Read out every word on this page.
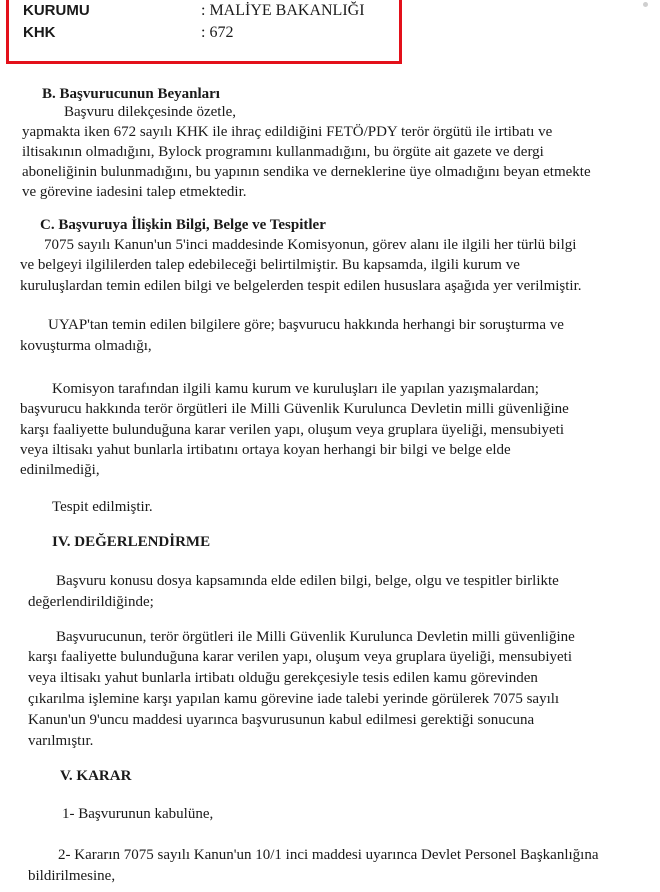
KURUMU	: MALİYE BAKANLIĞI
KHK	: 672
B. Başvurucunun Beyanları
Başvuru dilekçesinde özetle,
yapmakta iken 672 sayılı KHK ile ihraç edildiğini FETÖ/PDY terör örgütü ile irtibatı ve
iltisakının olmadığını, Bylock programını kullanmadığını, bu örgüte ait gazete ve dergi
aboneliğinin bulunmadığını, bu yapının sendika ve derneklerine üye olmadığını beyan etmekte
ve görevine iadesini talep etmektedir.
C. Başvuruya İlişkin Bilgi, Belge ve Tespitler
7075 sayılı Kanun'un 5'inci maddesinde Komisyonun, görev alanı ile ilgili her türlü bilgi
ve belgeyi ilgililerden talep edebileceği belirtilmiştir. Bu kapsamda, ilgili kurum ve
kuruluşlardan temin edilen bilgi ve belgelerden tespit edilen hususlara aşağıda yer verilmiştir.
UYAP'tan temin edilen bilgilere göre; başvurucu hakkında herhangi bir soruşturma ve
kovuşturma olmadığı,
Komisyon tarafından ilgili kamu kurum ve kuruluşları ile yapılan yazışmalardan;
başvurucu hakkında terör örgütleri ile Milli Güvenlik Kurulunca Devletin milli güvenliğine
karşı faaliyette bulunduğuna karar verilen yapı, oluşum veya gruplara üyeliği, mensubiyeti
veya iltisakı yahut bunlarla irtibatını ortaya koyan herhangi bir bilgi ve belge elde
edinilmediği,
Tespit edilmiştir.
IV. DEĞERLENDİRME
Başvuru konusu dosya kapsamında elde edilen bilgi, belge, olgu ve tespitler birlikte
değerlendirildiğinde;
Başvurucunun, terör örgütleri ile Milli Güvenlik Kurulunca Devletin milli güvenliğine
karşı faaliyette bulunduğuna karar verilen yapı, oluşum veya gruplara üyeliği, mensubiyeti
veya iltisakı yahut bunlarla irtibatı olduğu gerekçesiyle tesis edilen kamu görevinden
çıkarılma işlemine karşı yapılan kamu görevine iade talebi yerinde görülerek 7075 sayılı
Kanun'un 9'uncu maddesi uyarınca başvurusunun kabul edilmesi gerektiği sonucuna
varılmıştır.
V. KARAR
1- Başvurunun kabulüne,
2- Kararın 7075 sayılı Kanun'un 10/1 inci maddesi uyarınca Devlet Personel Başkanlığına
bildirilmesine,
